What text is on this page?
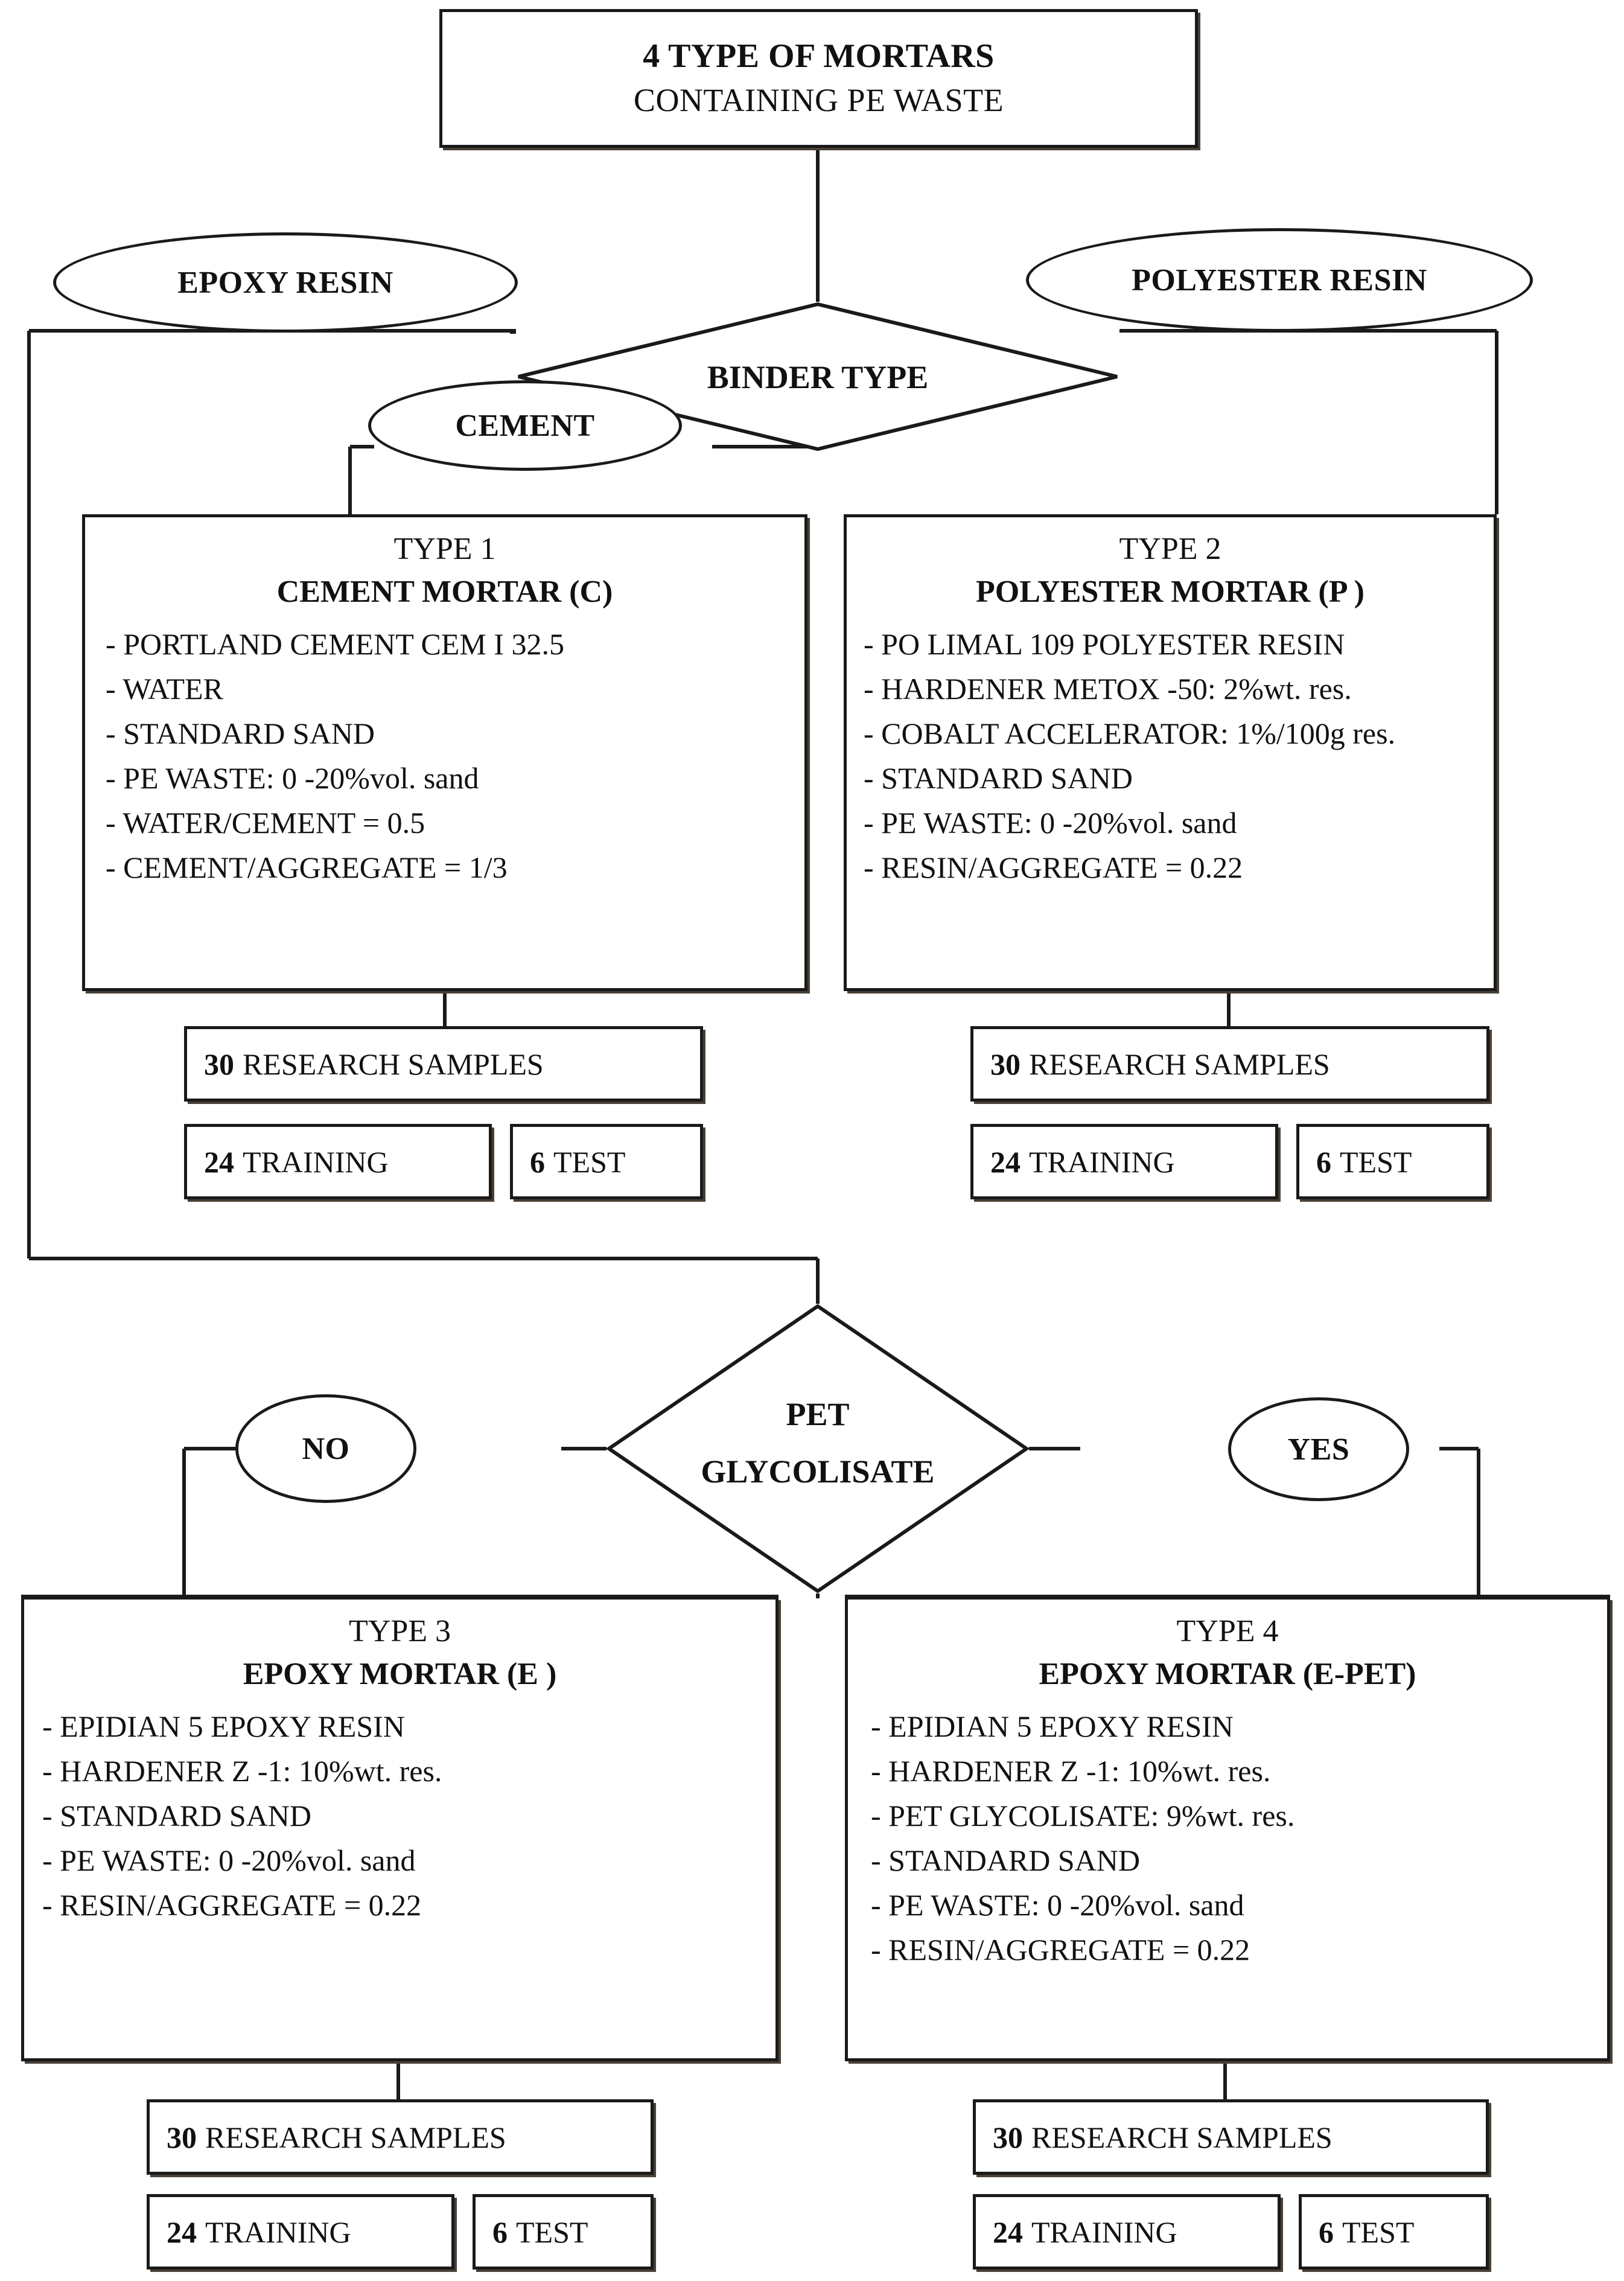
4 TYPE OF MORTARS
CONTAINING PE WASTE
BINDER TYPE
EPOXY RESIN	POLYESTER RESIN
CEMENT
TYPE 1
CEMENT MORTAR (C)
- PORTLAND CEMENT CEM I 32.5
- WATER
- STANDARD SAND
- PE WASTE: 0 -20%vol. sand
- WATER/CEMENT = 0.5
- CEMENT/AGGREGATE = 1/3
TYPE 2
POLYESTER MORTAR (P )
- PO LIMAL 109 POLYESTER RESIN
- HARDENER METOX -50: 2%wt. res.
- COBALT ACCELERATOR: 1%/100g res.
- STANDARD SAND
- PE WASTE: 0 -20%vol. sand
- RESIN/AGGREGATE = 0.22
30 RESEARCH SAMPLES
24 TRAINING	6 TEST
30 RESEARCH SAMPLES
24 TRAINING	6 TEST
PET
GLYCOLISATE
NO	YES
TYPE 3
EPOXY MORTAR (E )
- EPIDIAN 5 EPOXY RESIN
- HARDENER Z -1: 10%wt. res.
- STANDARD SAND
- PE WASTE: 0 -20%vol. sand
- RESIN/AGGREGATE = 0.22
TYPE 4
EPOXY MORTAR (E-PET)
- EPIDIAN 5 EPOXY RESIN
- HARDENER Z -1: 10%wt. res.
- PET GLYCOLISATE: 9%wt. res.
- STANDARD SAND
- PE WASTE: 0 -20%vol. sand
- RESIN/AGGREGATE = 0.22
30 RESEARCH SAMPLES
24 TRAINING	6 TEST
30 RESEARCH SAMPLES
24 TRAINING	6 TEST
